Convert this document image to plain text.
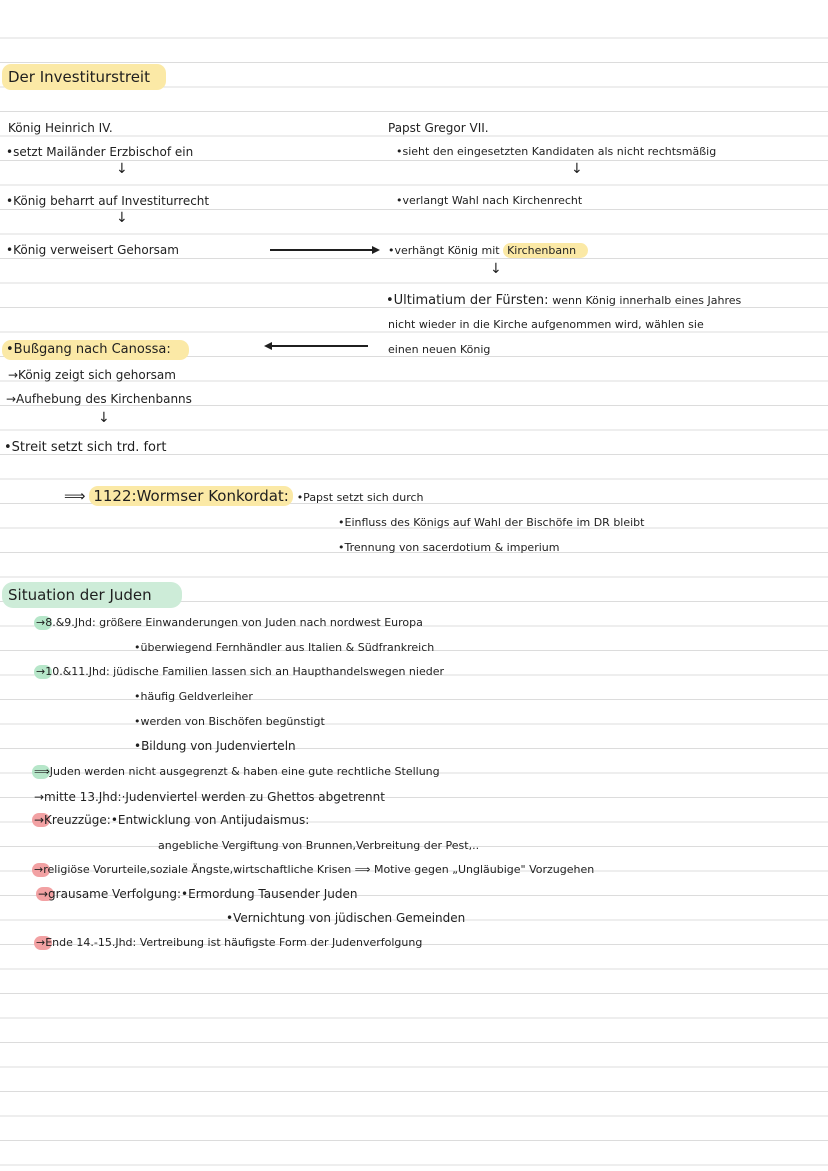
Der Investiturstreit
König Heinrich IV.
•setzt Mailänder Erzbischof ein
↓
•König beharrt auf Investiturrecht
↓
•König verweisert Gehorsam
Papst Gregor VII.
•sieht den eingesetzten Kandidaten als nicht rechtsmäßig
↓
•verlangt Wahl nach Kirchenrecht
•verhängt König mit Kirchenbann
↓
•Ultimatium der Fürsten: wenn König innerhalb eines Jahres
nicht wieder in die Kirche aufgenommen wird, wählen sie
einen neuen König
•Bußgang nach Canossa:
→König zeigt sich gehorsam
→Aufhebung des Kirchenbanns
↓
•Streit setzt sich trd. fort
⟹ 1122:Wormser Konkordat: •Papst setzt sich durch
•Einfluss des Königs auf Wahl der Bischöfe im DR bleibt
•Trennung von sacerdotium & imperium
Situation der Juden
→8.&9.Jhd: größere Einwanderungen von Juden nach nordwest Europa
•überwiegend Fernhändler aus Italien & Südfrankreich
→10.&11.Jhd: jüdische Familien lassen sich an Haupthandelswegen nieder
•häufig Geldverleiher
•werden von Bischöfen begünstigt
•Bildung von Judenvierteln
⟹Juden werden nicht ausgegrenzt & haben eine gute rechtliche Stellung
→mitte 13.Jhd:·Judenviertel werden zu Ghettos abgetrennt
→Kreuzzüge:•Entwicklung von Antijudaismus:
angebliche Vergiftung von Brunnen,Verbreitung der Pest,..
→religiöse Vorurteile,soziale Ängste,wirtschaftliche Krisen ⟹ Motive gegen „Ungläubige" Vorzugehen
→grausame Verfolgung:•Ermordung Tausender Juden
•Vernichtung von jüdischen Gemeinden
→Ende 14.-15.Jhd: Vertreibung ist häufigste Form der Judenverfolgung
